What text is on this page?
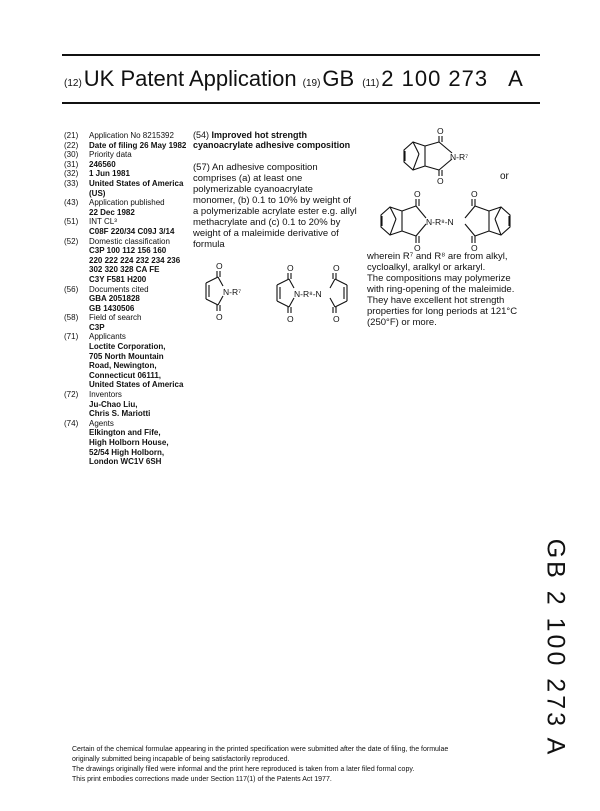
(12) UK Patent Application (19) GB (11) 2 100 273 A
(21)	Application No 8215392
(22)	Date of filing 26 May 1982
(30)	Priority data
(31)	246560
(32)	1 Jun 1981
(33)	United States of America
(US)
(43)	Application published
22 Dec 1982
(51)	INT CL³
C08F 220/34 C09J 3/14
(52)	Domestic classification
C3P 100 112 156 160
220 222 224 232 234 236
302 320 328 CA FE
C3Y F581 H200
(56)	Documents cited
GBA 2051828
GB 1430506
(58)	Field of search
C3P
(71)	Applicants
Loctite Corporation,
705 North Mountain
Road, Newington,
Connecticut 06111,
United States of America
(72)	Inventors
Ju-Chao Liu,
Chris S. Mariotti
(74)	Agents
Elkington and Fife,
High Holborn House,
52/54 High Holborn,
London WC1V 6SH
(54) Improved hot strength
cyanoacrylate adhesive composition
(57) An adhesive composition
comprises (a) at least one
polymerizable cyanoacrylate
monomer, (b) 0.1 to 10% by weight of
a polymerizable acrylate ester e.g. allyl
methacrylate and (c) 0.1 to 20% by
weight of a maleimide derivative of
formula
wherein R⁷ and R⁸ are from alkyl,
cycloalkyl, aralkyl or arkaryl.
The compositions may polymerize
with ring-opening of the maleimide.
They have excellent hot strength
properties for long periods at 121°C
(250°F) or more.
O
N-R⁷
O	or
O	O
N-R⁸-N
O	O
O
N-R⁷
O
O	O
N-R⁸-N
O	O
GB 2 100 273 A
Certain of the chemical formulae appearing in the printed specification were submitted after the date of filing, the formulae
originally submitted being incapable of being satisfactorily reproduced.
The drawings originally filed were informal and the print here reproduced is taken from a later filed formal copy.
This print embodies corrections made under Section 117(1) of the Patents Act 1977.
